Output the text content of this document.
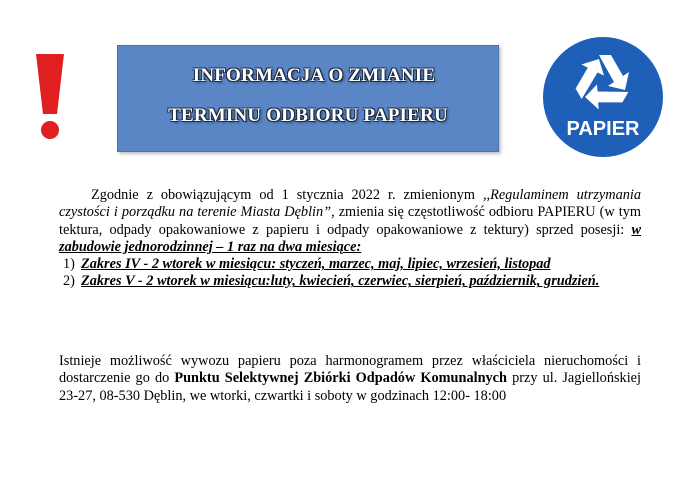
INFORMACJA O ZMIANIE
TERMINU ODBIORU PAPIERU
PAPIER

Zgodnie z obowiązującym od 1 stycznia 2022 r. zmienionym ,,Regulaminem utrzymania czystości i porządku na terenie Miasta Dęblin”, zmienia się częstotliwość odbioru PAPIERU (w tym tektura, odpady opakowaniowe z papieru i odpady opakowaniowe z tektury) sprzed posesji: w zabudowie jednorodzinnej – 1 raz na dwa miesiące:

1) Zakres IV - 2 wtorek w miesiącu: styczeń, marzec, maj, lipiec, wrzesień, listopad
2) Zakres V - 2 wtorek w miesiącu:luty, kwiecień, czerwiec, sierpień, październik, grudzień.

Istnieje możliwość wywozu papieru poza harmonogramem przez właściciela nieruchomości i dostarczenie go do Punktu Selektywnej Zbiórki Odpadów Komunalnych przy ul. Jagiellońskiej 23-27, 08-530 Dęblin, we wtorki, czwartki i soboty w godzinach 12:00- 18:00
